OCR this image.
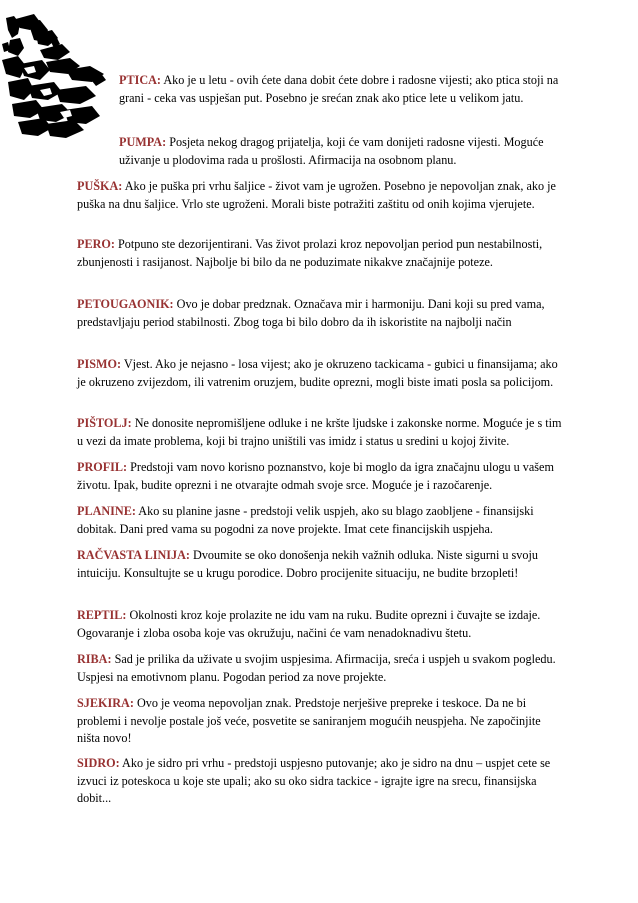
PTICA: Ako je u letu - ovih ćete dana dobit ćete dobre i radosne vijesti; ako ptica stoji na grani - ceka vas uspješan put. Posebno je srećan znak ako ptice lete u velikom jatu.

PUMPA: Posjeta nekog dragog prijatelja, koji će vam donijeti radosne vijesti. Moguće uživanje u plodovima rada u prošlosti. Afirmacija na osobnom planu.

PUŠKA: Ako je puška pri vrhu šaljice - život vam je ugrožen. Posebno je nepovoljan znak, ako je puška na dnu šaljice. Vrlo ste ugroženi. Morali biste potražiti zaštitu od onih kojima vjerujete.

PERO: Potpuno ste dezorijentirani. Vas život prolazi kroz nepovoljan period pun nestabilnosti, zbunjenosti i rasijanost. Najbolje bi bilo da ne poduzimate nikakve značajnije poteze.

PETOUGAONIK: Ovo je dobar predznak. Označava mir i harmoniju. Dani koji su pred vama, predstavljaju period stabilnosti. Zbog toga bi bilo dobro da ih iskoristite na najbolji način

PISMO: Vjest. Ako je nejasno - losa vijest; ako je okruzeno tackicama - gubici u finansijama; ako je okruzeno zvijezdom, ili vatrenim oruzjem, budite oprezni, mogli biste imati posla sa policijom.

PIŠTOLJ: Ne donosite nepromišljene odluke i ne kršte ljudske i zakonske norme. Moguće je s tim u vezi da imate problema, koji bi trajno uništili vas imidz i status u sredini u kojoj živite.

PROFIL: Predstoji vam novo korisno poznanstvo, koje bi moglo da igra značajnu ulogu u vašem životu. Ipak, budite oprezni i ne otvarajte odmah svoje srce. Moguće je i razočarenje.

PLANINE: Ako su planine jasne - predstoji velik uspjeh, ako su blago zaobljene - finansijski dobitak. Dani pred vama su pogodni za nove projekte. Imat cete financijskih uspjeha.

RAČVASTA LINIJA: Dvoumite se oko donošenja nekih važnih odluka. Niste sigurni u svoju intuiciju. Konsultujte se u krugu porodice. Dobro procijenite situaciju, ne budite brzopleti!

REPTIL: Okolnosti kroz koje prolazite ne idu vam na ruku. Budite oprezni i čuvajte se izdaje. Ogovaranje i zloba osoba koje vas okružuju, načini će vam nenadoknadivu štetu.

RIBA: Sad je prilika da uživate u svojim uspjesima. Afirmacija, sreća i uspjeh u svakom pogledu. Uspjesi na emotivnom planu. Pogodan period za nove projekte.

SJEKIRA: Ovo je veoma nepovoljan znak. Predstoje nerješive prepreke i teskoce. Da ne bi problemi i nevolje postale još veće, posvetite se saniranjem mogućih neuspjeha. Ne započinjite ništa novo!

SIDRO: Ako je sidro pri vrhu - predstoji uspjesno putovanje; ako je sidro na dnu – uspjet cete se izvuci iz poteskoca u koje ste upali; ako su oko sidra tackice - igrajte igre na srecu, finansijska dobit...
